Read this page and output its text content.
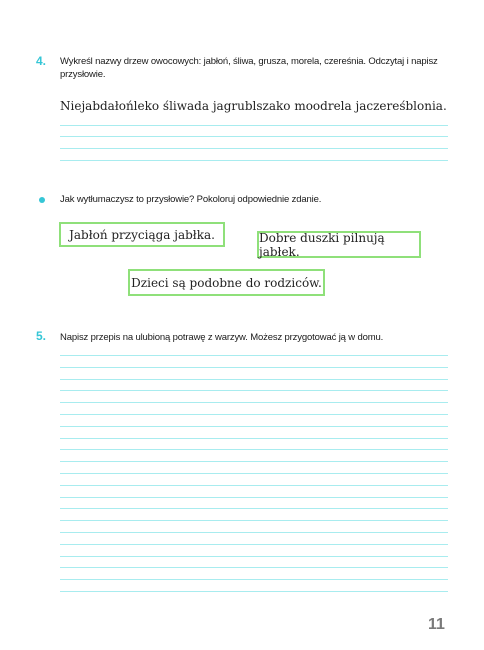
4. Wykreśl nazwy drzew owocowych: jabłoń, śliwa, grusza, morela, czereśnia. Odczytaj i napisz przysłowie.
Niejabdałońleko śliwada jagrublszako moodrela jaczereśblonia.
Jak wytłumaczysz to przysłowie? Pokoloruj odpowiednie zdanie.
Jabłoń przyciąga jabłka.	Dobre duszki pilnują jabłek.
Dzieci są podobne do rodziców.
5. Napisz przepis na ulubioną potrawę z warzyw. Możesz przygotować ją w domu.
11
